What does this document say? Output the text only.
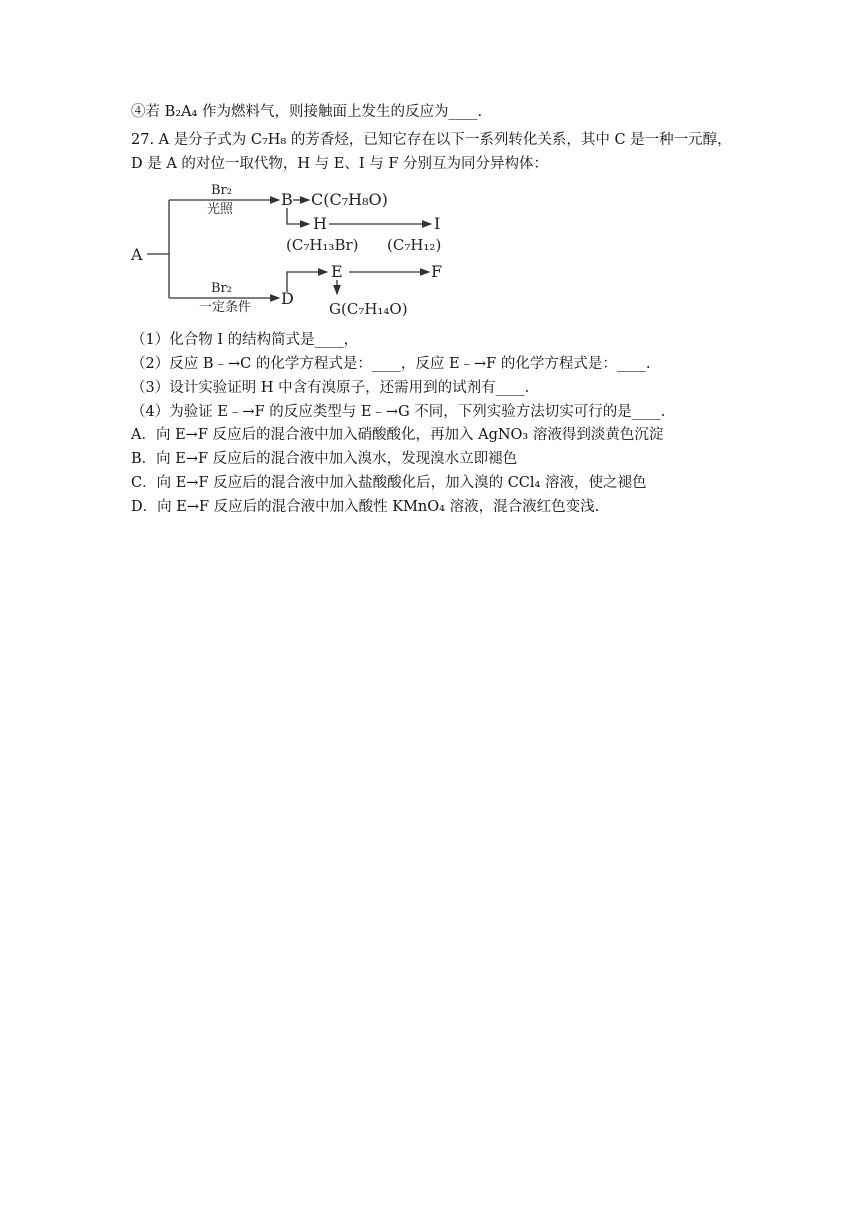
④若 B₂A₄ 作为燃料气，则接触面上发生的反应为____.
27. A 是分子式为 C₇H₈ 的芳香烃，已知它存在以下一系列转化关系，其中 C 是一种一元醇，
D 是 A 的对位一取代物，H 与 E、I 与 F 分别互为同分异构体：
A
Br₂
光照
B C(C₇H₈O)
H	I
(C₇H₁₃Br) (C₇H₁₂)
Br₂
一定条件 D
E	F
G(C₇H₁₄O)
（1）化合物 I 的结构简式是____，
（2）反应 B﹣→C 的化学方程式是：____，反应 E﹣→F 的化学方程式是：____.
（3）设计实验证明 H 中含有溴原子，还需用到的试剂有____.
（4）为验证 E﹣→F 的反应类型与 E﹣→G 不同，下列实验方法切实可行的是____.
A．向 E→F 反应后的混合液中加入硝酸酸化，再加入 AgNO₃ 溶液得到淡黄色沉淀
B．向 E→F 反应后的混合液中加入溴水，发现溴水立即褪色
C．向 E→F 反应后的混合液中加入盐酸酸化后，加入溴的 CCl₄ 溶液，使之褪色
D．向 E→F 反应后的混合液中加入酸性 KMnO₄ 溶液，混合液红色变浅.
